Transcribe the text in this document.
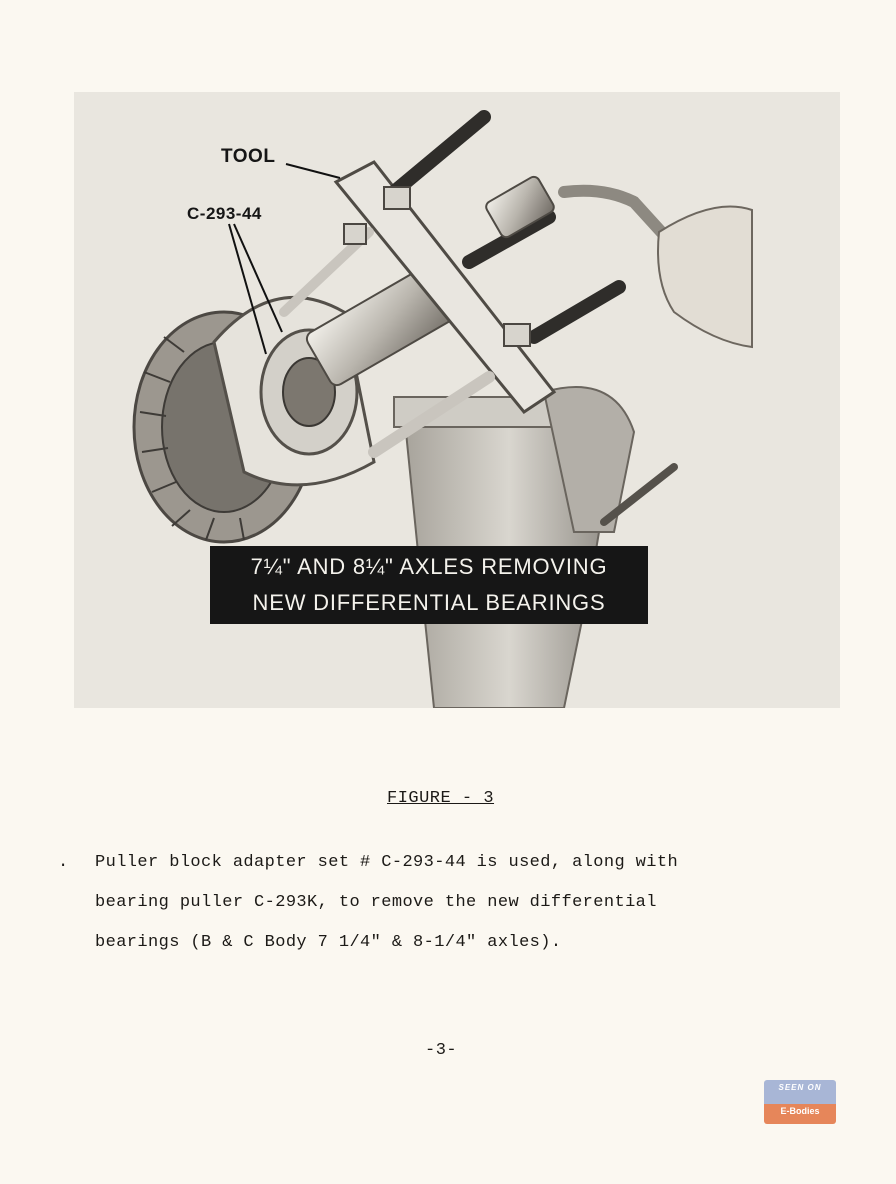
TOOL
C-293-44
7¼" AND 8¼" AXLES REMOVING
NEW DIFFERENTIAL BEARINGS
FIGURE - 3
. Puller block adapter set # C-293-44 is used, along with
bearing puller C-293K, to remove the new differential
bearings (B & C Body 7 1/4" & 8-1/4" axles).
-3-
SEEN ON
E-Bodies
